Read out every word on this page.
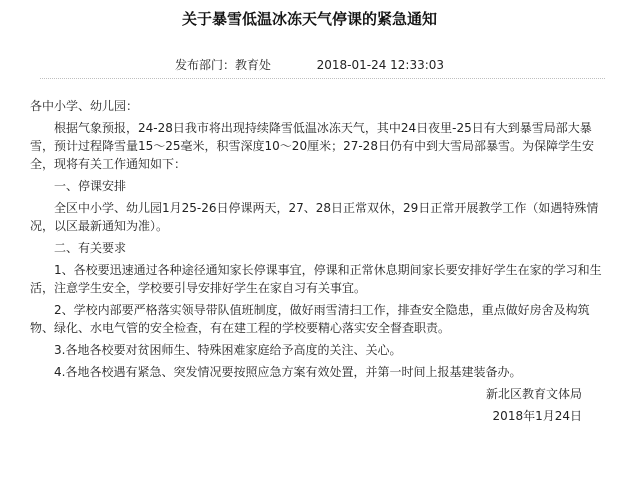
关于暴雪低温冰冻天气停课的紧急通知
发布部门：教育处	2018-01-24 12:33:03
各中小学、幼儿园：
根据气象预报，24-28日我市将出现持续降雪低温冰冻天气，其中24日夜里-25日有大到暴雪局部大暴雪，预计过程降雪量15～25毫米，积雪深度10～20厘米；27-28日仍有中到大雪局部暴雪。为保障学生安全，现将有关工作通知如下：
一、停课安排
全区中小学、幼儿园1月25-26日停课两天，27、28日正常双休，29日正常开展教学工作（如遇特殊情况，以区最新通知为准）。
二、有关要求
1、各校要迅速通过各种途径通知家长停课事宜，停课和正常休息期间家长要安排好学生在家的学习和生活，注意学生安全，学校要引导安排好学生在家自习有关事宜。
2、学校内部要严格落实领导带队值班制度，做好雨雪清扫工作，排查安全隐患，重点做好房舍及构筑物、绿化、水电气管的安全检查，有在建工程的学校要精心落实安全督查职责。
3.各地各校要对贫困师生、特殊困难家庭给予高度的关注、关心。
4.各地各校遇有紧急、突发情况要按照应急方案有效处置，并第一时间上报基建装备办。
新北区教育文体局
2018年1月24日
